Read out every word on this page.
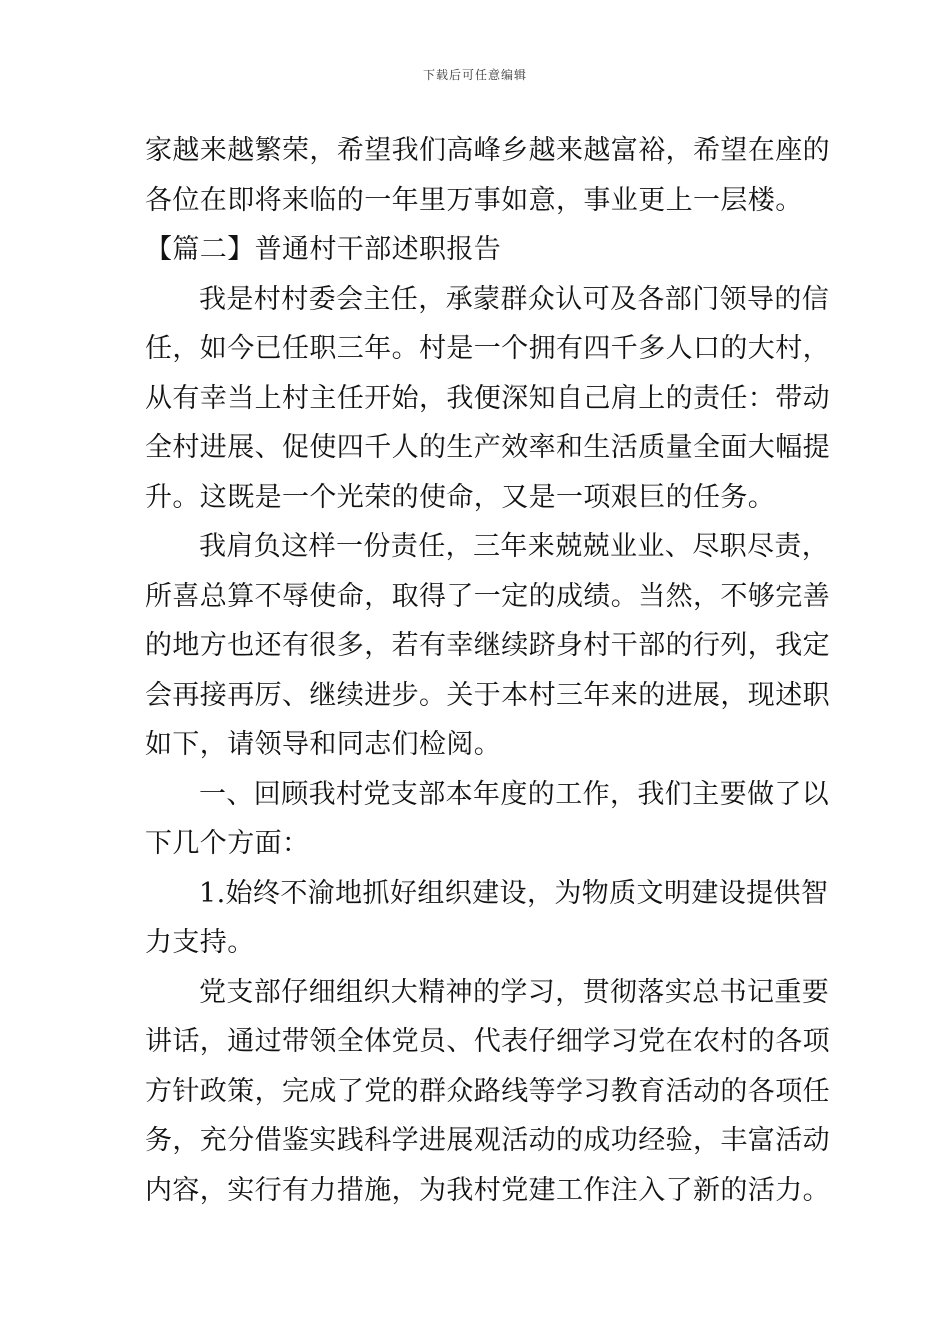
下载后可任意编辑
家越来越繁荣，希望我们高峰乡越来越富裕，希望在座的
各位在即将来临的一年里万事如意，事业更上一层楼。
【篇二】普通村干部述职报告
我是村村委会主任，承蒙群众认可及各部门领导的信
任，如今已任职三年。村是一个拥有四千多人口的大村，
从有幸当上村主任开始，我便深知自己肩上的责任：带动
全村进展、促使四千人的生产效率和生活质量全面大幅提
升。这既是一个光荣的使命，又是一项艰巨的任务。
我肩负这样一份责任，三年来兢兢业业、尽职尽责，
所喜总算不辱使命，取得了一定的成绩。当然，不够完善
的地方也还有很多，若有幸继续跻身村干部的行列，我定
会再接再厉、继续进步。关于本村三年来的进展，现述职
如下，请领导和同志们检阅。
一、回顾我村党支部本年度的工作，我们主要做了以
下几个方面：
1.始终不渝地抓好组织建设，为物质文明建设提供智
力支持。
党支部仔细组织大精神的学习，贯彻落实总书记重要
讲话，通过带领全体党员、代表仔细学习党在农村的各项
方针政策，完成了党的群众路线等学习教育活动的各项任
务，充分借鉴实践科学进展观活动的成功经验，丰富活动
内容，实行有力措施，为我村党建工作注入了新的活力。
